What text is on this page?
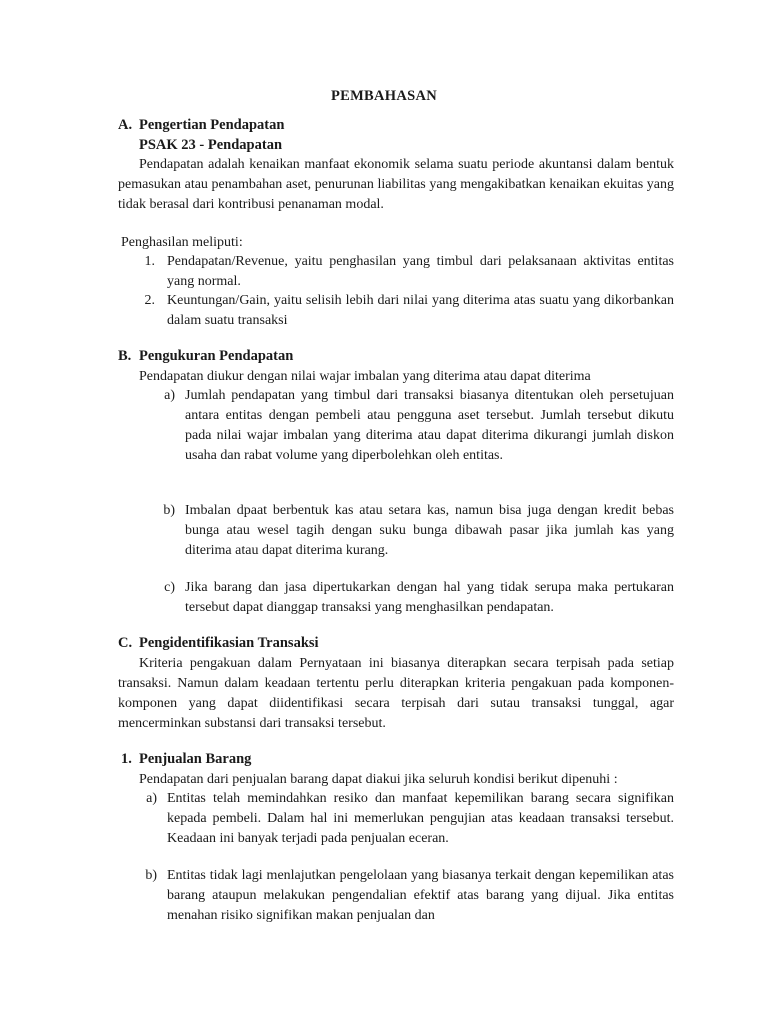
PEMBAHASAN
A. Pengertian Pendapatan
PSAK 23 - Pendapatan
Pendapatan adalah kenaikan manfaat ekonomik selama suatu periode akuntansi dalam bentuk pemasukan atau penambahan aset, penurunan liabilitas yang mengakibatkan kenaikan ekuitas yang tidak berasal dari kontribusi penanaman modal.
Penghasilan meliputi:
1. Pendapatan/Revenue, yaitu penghasilan yang timbul dari pelaksanaan aktivitas entitas yang normal.
2. Keuntungan/Gain, yaitu selisih lebih dari nilai yang diterima atas suatu yang dikorbankan dalam suatu transaksi
B. Pengukuran Pendapatan
Pendapatan diukur dengan nilai wajar imbalan yang diterima atau dapat diterima
a) Jumlah pendapatan yang timbul dari transaksi biasanya ditentukan oleh persetujuan antara entitas dengan pembeli atau pengguna aset tersebut. Jumlah tersebut dikutu pada nilai wajar imbalan yang diterima atau dapat diterima dikurangi jumlah diskon usaha dan rabat volume yang diperbolehkan oleh entitas.
b) Imbalan dpaat berbentuk kas atau setara kas, namun bisa juga dengan kredit bebas bunga atau wesel tagih dengan suku bunga dibawah pasar jika jumlah kas yang diterima atau dapat diterima kurang.
c) Jika barang dan jasa dipertukarkan dengan hal yang tidak serupa maka pertukaran tersebut dapat dianggap transaksi yang menghasilkan pendapatan.
C. Pengidentifikasian Transaksi
Kriteria pengakuan dalam Pernyataan ini biasanya diterapkan secara terpisah pada setiap transaksi. Namun dalam keadaan tertentu perlu diterapkan kriteria pengakuan pada komponen-komponen yang dapat diidentifikasi secara terpisah dari sutau transaksi tunggal, agar mencerminkan substansi dari transaksi tersebut.
1. Penjualan Barang
Pendapatan dari penjualan barang dapat diakui jika seluruh kondisi berikut dipenuhi :
a) Entitas telah memindahkan resiko dan manfaat kepemilikan barang secara signifikan kepada pembeli. Dalam hal ini memerlukan pengujian atas keadaan transaksi tersebut. Keadaan ini banyak terjadi pada penjualan eceran.
b) Entitas tidak lagi menlajutkan pengelolaan yang biasanya terkait dengan kepemilikan atas barang ataupun melakukan pengendalian efektif atas barang yang dijual. Jika entitas menahan risiko signifikan makan penjualan dan
